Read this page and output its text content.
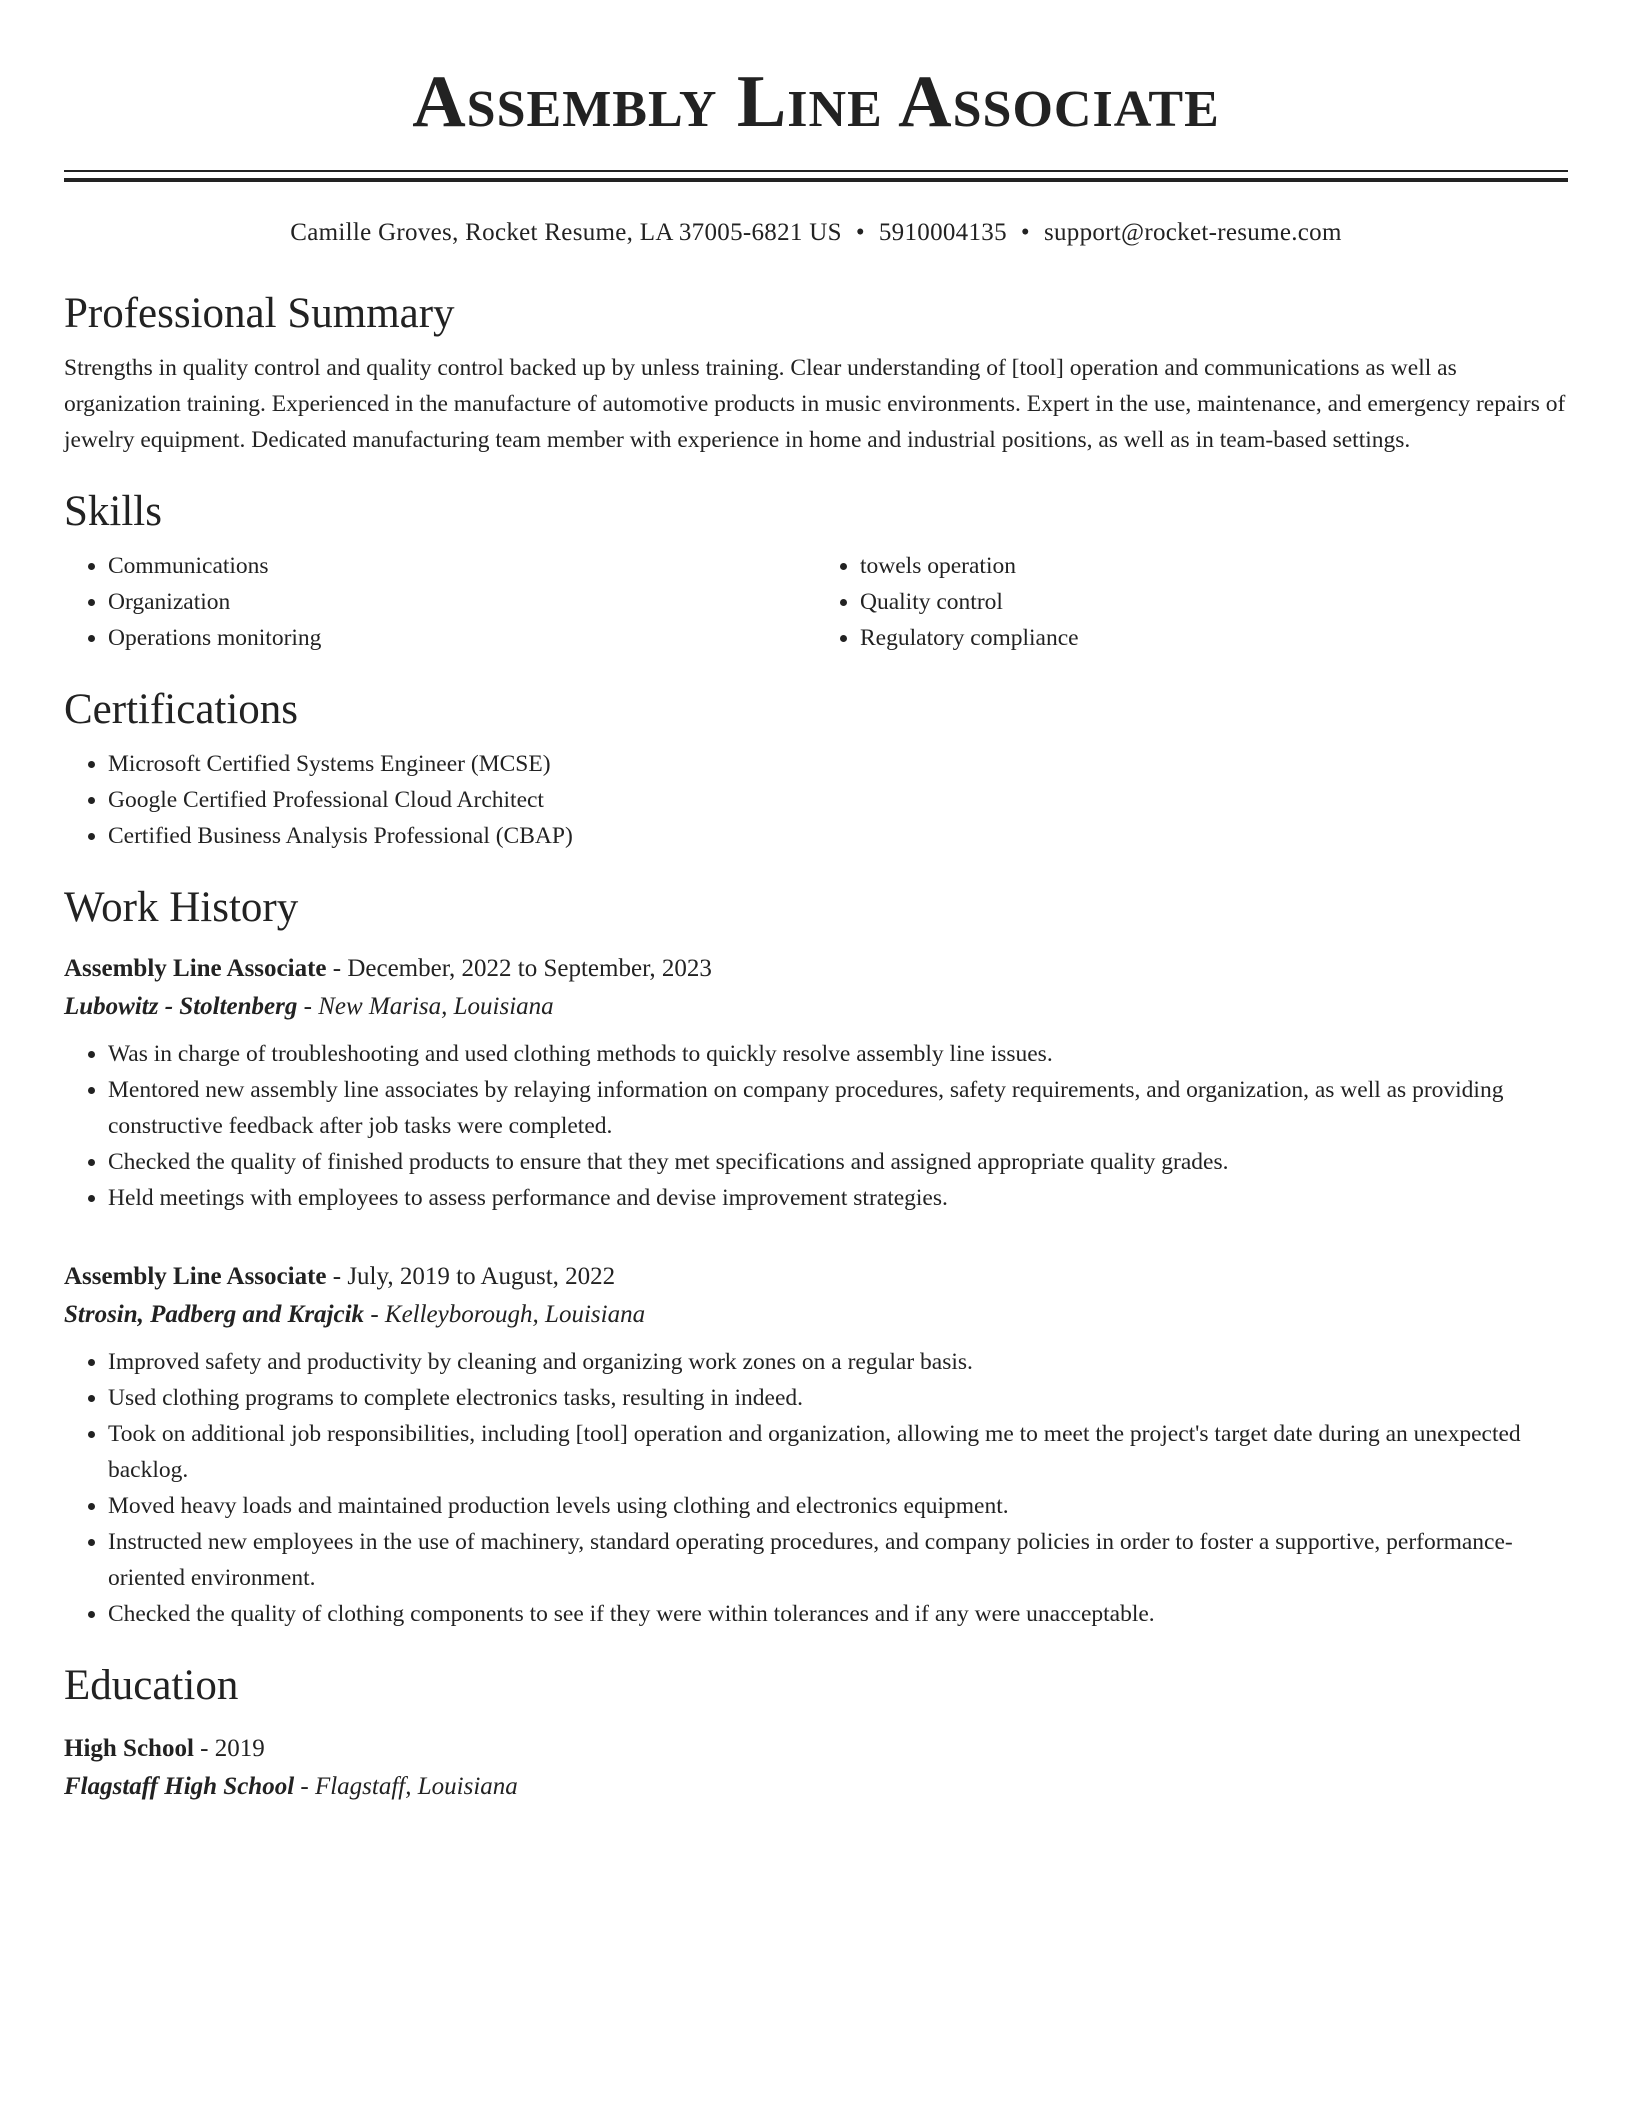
Assembly Line Associate
Camille Groves, Rocket Resume, LA 37005-6821 US • 5910004135 • support@rocket-resume.com
Professional Summary

Strengths in quality control and quality control backed up by unless training. Clear understanding of [tool] operation and communications as well as organization training. Experienced in the manufacture of automotive products in music environments. Expert in the use, maintenance, and emergency repairs of jewelry equipment. Dedicated manufacturing team member with experience in home and industrial positions, as well as in team-based settings.

Skills
• Communications
• Organization
• Operations monitoring
• towels operation
• Quality control
• Regulatory compliance
Certifications
• Microsoft Certified Systems Engineer (MCSE)
• Google Certified Professional Cloud Architect
• Certified Business Analysis Professional (CBAP)
Work History
Assembly Line Associate - December, 2022 to September, 2023
Lubowitz - Stoltenberg - New Marisa, Louisiana
• Was in charge of troubleshooting and used clothing methods to quickly resolve assembly line issues.
• Mentored new assembly line associates by relaying information on company procedures, safety requirements, and organization, as well as providing constructive feedback after job tasks were completed.
• Checked the quality of finished products to ensure that they met specifications and assigned appropriate quality grades.
• Held meetings with employees to assess performance and devise improvement strategies.
Assembly Line Associate - July, 2019 to August, 2022
Strosin, Padberg and Krajcik - Kelleyborough, Louisiana
• Improved safety and productivity by cleaning and organizing work zones on a regular basis.
• Used clothing programs to complete electronics tasks, resulting in indeed.
• Took on additional job responsibilities, including [tool] operation and organization, allowing me to meet the project's target date during an unexpected backlog.
• Moved heavy loads and maintained production levels using clothing and electronics equipment.
• Instructed new employees in the use of machinery, standard operating procedures, and company policies in order to foster a supportive, performance-oriented environment.
• Checked the quality of clothing components to see if they were within tolerances and if any were unacceptable.
Education
High School - 2019
Flagstaff High School - Flagstaff, Louisiana
